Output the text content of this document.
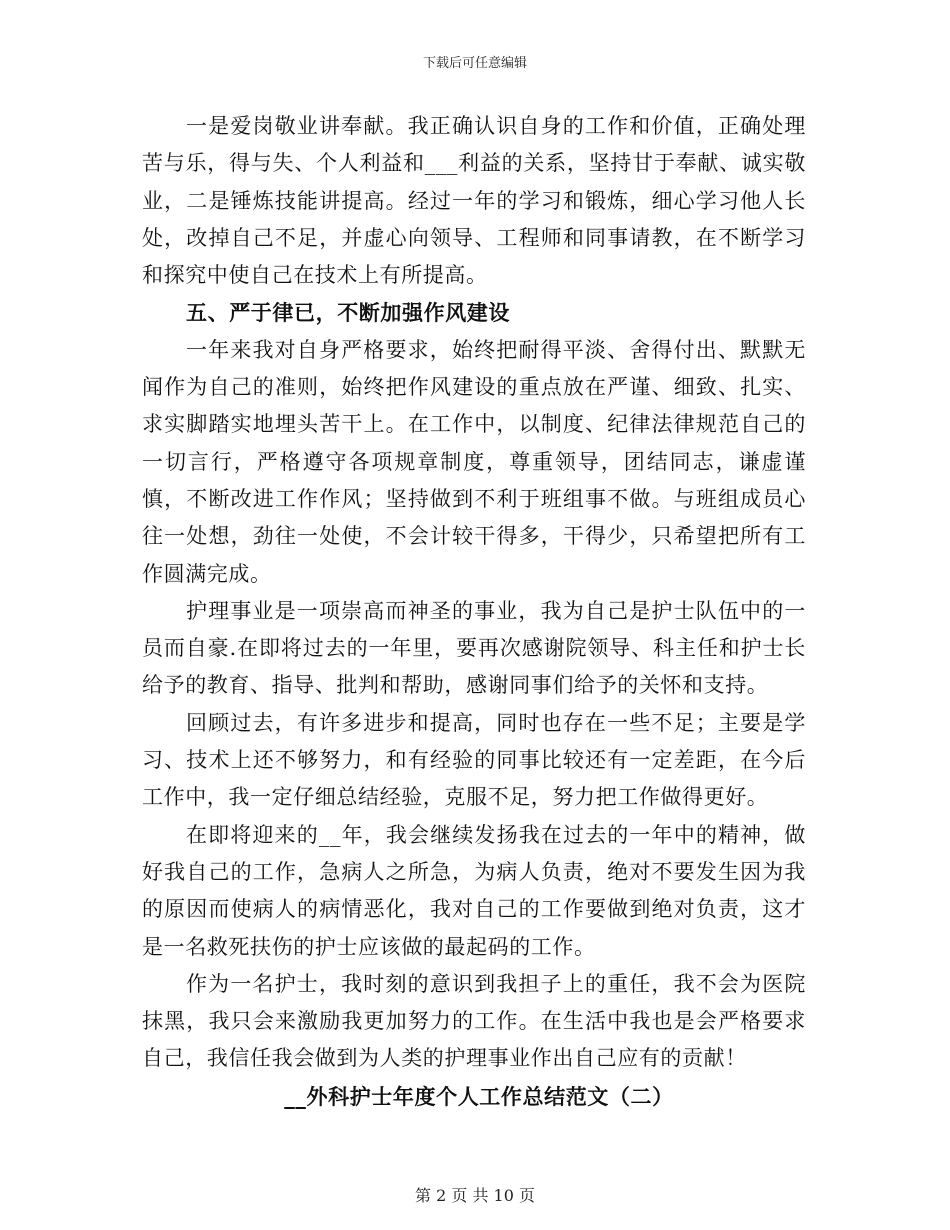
下载后可任意编辑

一是爱岗敬业讲奉献。我正确认识自身的工作和价值，正确处理苦与乐，得与失、个人利益和___利益的关系，坚持甘于奉献、诚实敬业，二是锤炼技能讲提高。经过一年的学习和锻炼，细心学习他人长处，改掉自己不足，并虚心向领导、工程师和同事请教，在不断学习和探究中使自己在技术上有所提高。

五、严于律已，不断加强作风建设

一年来我对自身严格要求，始终把耐得平淡、舍得付出、默默无闻作为自己的准则，始终把作风建设的重点放在严谨、细致、扎实、求实脚踏实地埋头苦干上。在工作中，以制度、纪律法律规范自己的一切言行，严格遵守各项规章制度，尊重领导，团结同志，谦虚谨慎，不断改进工作作风；坚持做到不利于班组事不做。与班组成员心往一处想，劲往一处使，不会计较干得多，干得少，只希望把所有工作圆满完成。

护理事业是一项崇高而神圣的事业，我为自己是护士队伍中的一员而自豪.在即将过去的一年里，要再次感谢院领导、科主任和护士长给予的教育、指导、批判和帮助，感谢同事们给予的关怀和支持。

回顾过去，有许多进步和提高，同时也存在一些不足；主要是学习、技术上还不够努力，和有经验的同事比较还有一定差距，在今后工作中，我一定仔细总结经验，克服不足，努力把工作做得更好。

在即将迎来的__年，我会继续发扬我在过去的一年中的精神，做好我自己的工作，急病人之所急，为病人负责，绝对不要发生因为我的原因而使病人的病情恶化，我对自己的工作要做到绝对负责，这才是一名救死扶伤的护士应该做的最起码的工作。

作为一名护士，我时刻的意识到我担子上的重任，我不会为医院抹黑，我只会来激励我更加努力的工作。在生活中我也是会严格要求自己，我信任我会做到为人类的护理事业作出自己应有的贡献！

__外科护士年度个人工作总结范文（二）

第 2 页 共 10 页
